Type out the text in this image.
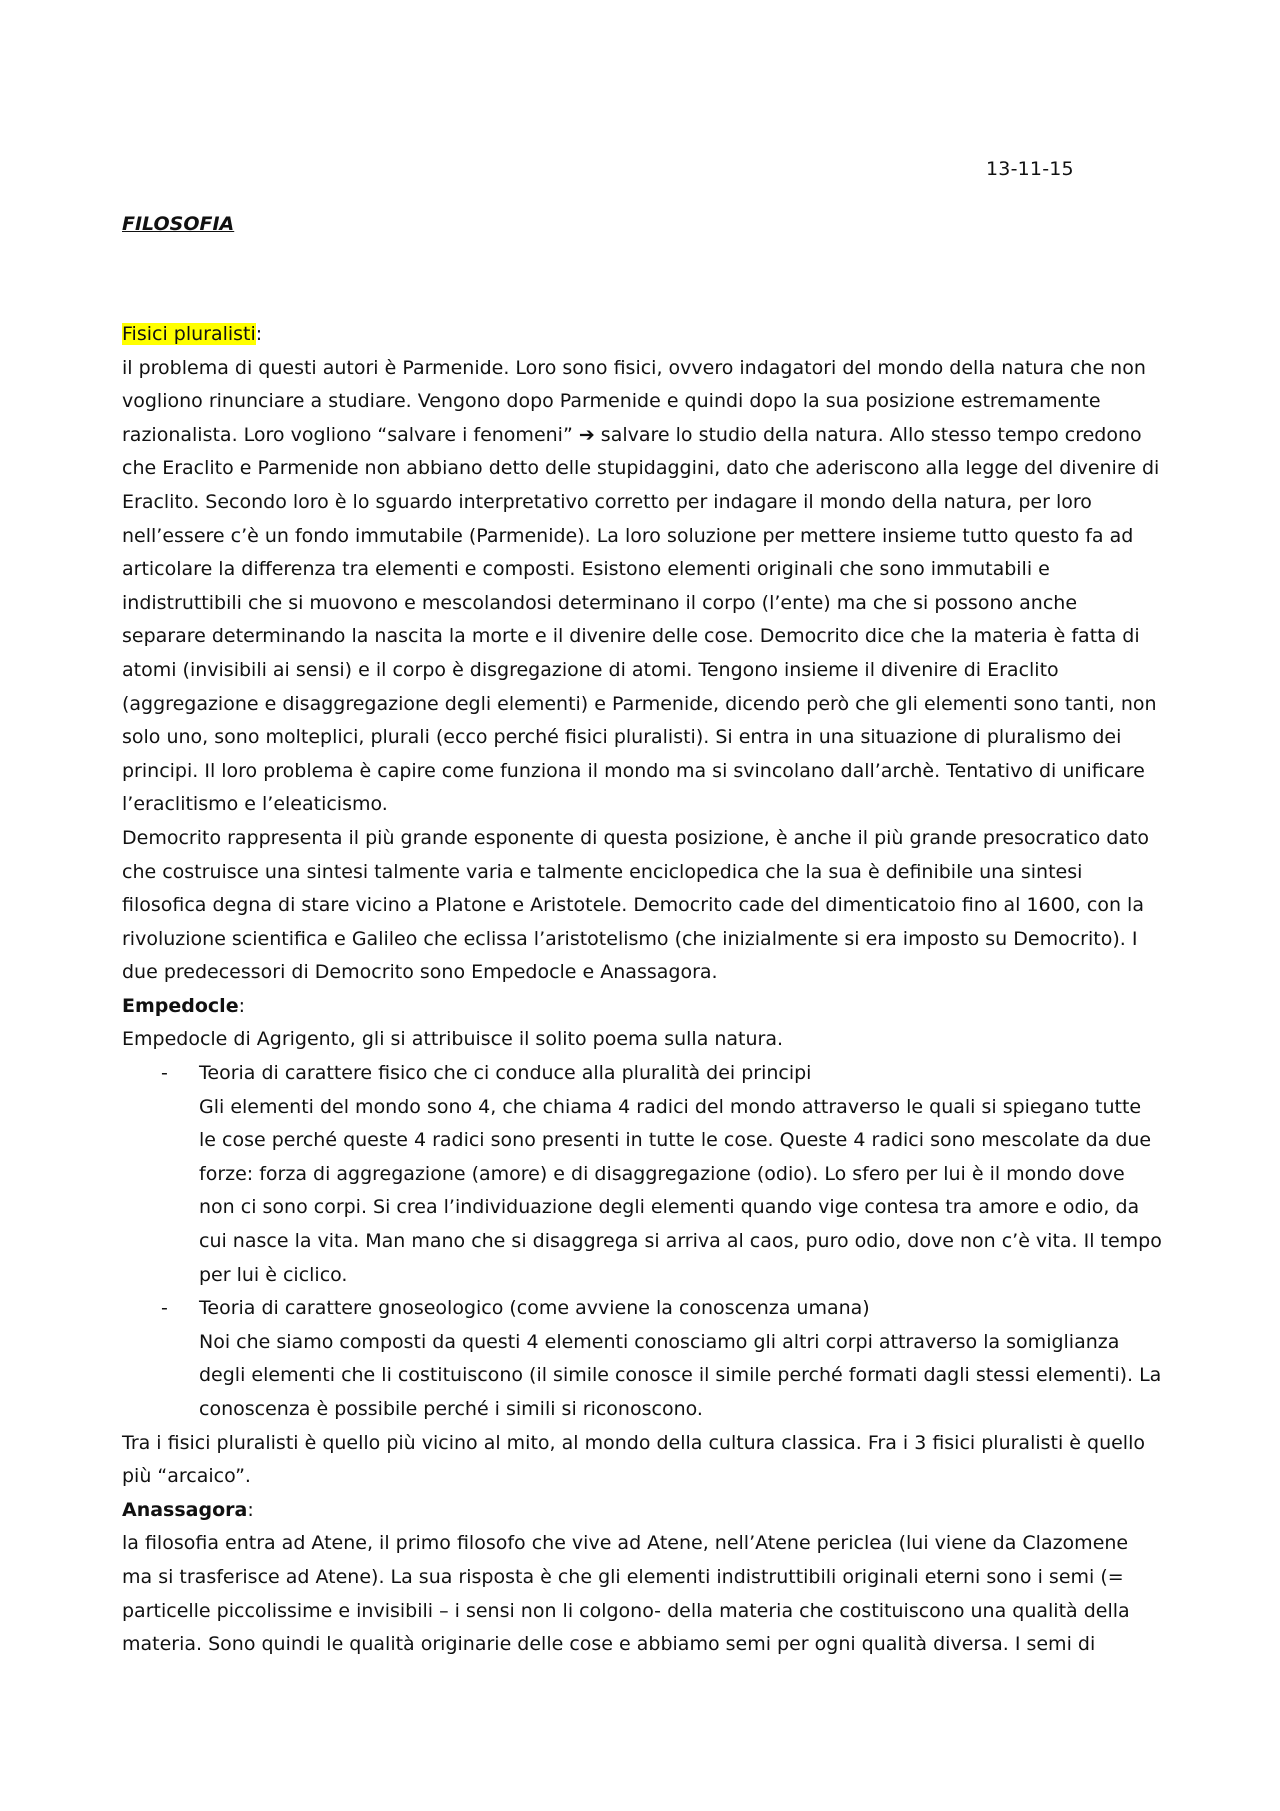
13-11-15
FILOSOFIA

Fisici pluralisti:

il problema di questi autori è Parmenide. Loro sono fisici, ovvero indagatori del mondo della natura che non vogliono rinunciare a studiare. Vengono dopo Parmenide e quindi dopo la sua posizione estremamente razionalista. Loro vogliono “salvare i fenomeni” ➔ salvare lo studio della natura. Allo stesso tempo credono che Eraclito e Parmenide non abbiano detto delle stupidaggini, dato che aderiscono alla legge del divenire di Eraclito. Secondo loro è lo sguardo interpretativo corretto per indagare il mondo della natura, per loro nell’essere c’è un fondo immutabile (Parmenide). La loro soluzione per mettere insieme tutto questo fa ad articolare la differenza tra elementi e composti. Esistono elementi originali che sono immutabili e indistruttibili che si muovono e mescolandosi determinano il corpo (l’ente) ma che si possono anche separare determinando la nascita la morte e il divenire delle cose. Democrito dice che la materia è fatta di atomi (invisibili ai sensi) e il corpo è disgregazione di atomi. Tengono insieme il divenire di Eraclito (aggregazione e disaggregazione degli elementi) e Parmenide, dicendo però che gli elementi sono tanti, non solo uno, sono molteplici, plurali (ecco perché fisici pluralisti). Si entra in una situazione di pluralismo dei principi. Il loro problema è capire come funziona il mondo ma si svincolano dall’archè. Tentativo di unificare l’eraclitismo e l’eleaticismo.

Democrito rappresenta il più grande esponente di questa posizione, è anche il più grande presocratico dato che costruisce una sintesi talmente varia e talmente enciclopedica che la sua è definibile una sintesi filosofica degna di stare vicino a Platone e Aristotele. Democrito cade del dimenticatoio fino al 1600, con la rivoluzione scientifica e Galileo che eclissa l’aristotelismo (che inizialmente si era imposto su Democrito). I due predecessori di Democrito sono Empedocle e Anassagora.

Empedocle:

Empedocle di Agrigento, gli si attribuisce il solito poema sulla natura.

- Teoria di carattere fisico che ci conduce alla pluralità dei principi
Gli elementi del mondo sono 4, che chiama 4 radici del mondo attraverso le quali si spiegano tutte le cose perché queste 4 radici sono presenti in tutte le cose. Queste 4 radici sono mescolate da due forze: forza di aggregazione (amore) e di disaggregazione (odio). Lo sfero per lui è il mondo dove non ci sono corpi. Si crea l’individuazione degli elementi quando vige contesa tra amore e odio, da cui nasce la vita. Man mano che si disaggrega si arriva al caos, puro odio, dove non c’è vita. Il tempo per lui è ciclico.
- Teoria di carattere gnoseologico (come avviene la conoscenza umana)
Noi che siamo composti da questi 4 elementi conosciamo gli altri corpi attraverso la somiglianza degli elementi che li costituiscono (il simile conosce il simile perché formati dagli stessi elementi). La conoscenza è possibile perché i simili si riconoscono.

Tra i fisici pluralisti è quello più vicino al mito, al mondo della cultura classica. Fra i 3 fisici pluralisti è quello più “arcaico”.

Anassagora:

la filosofia entra ad Atene, il primo filosofo che vive ad Atene, nell’Atene periclea (lui viene da Clazomene ma si trasferisce ad Atene). La sua risposta è che gli elementi indistruttibili originali eterni sono i semi (= particelle piccolissime e invisibili – i sensi non li colgono- della materia che costituiscono una qualità della materia. Sono quindi le qualità originarie delle cose e abbiamo semi per ogni qualità diversa. I semi di
